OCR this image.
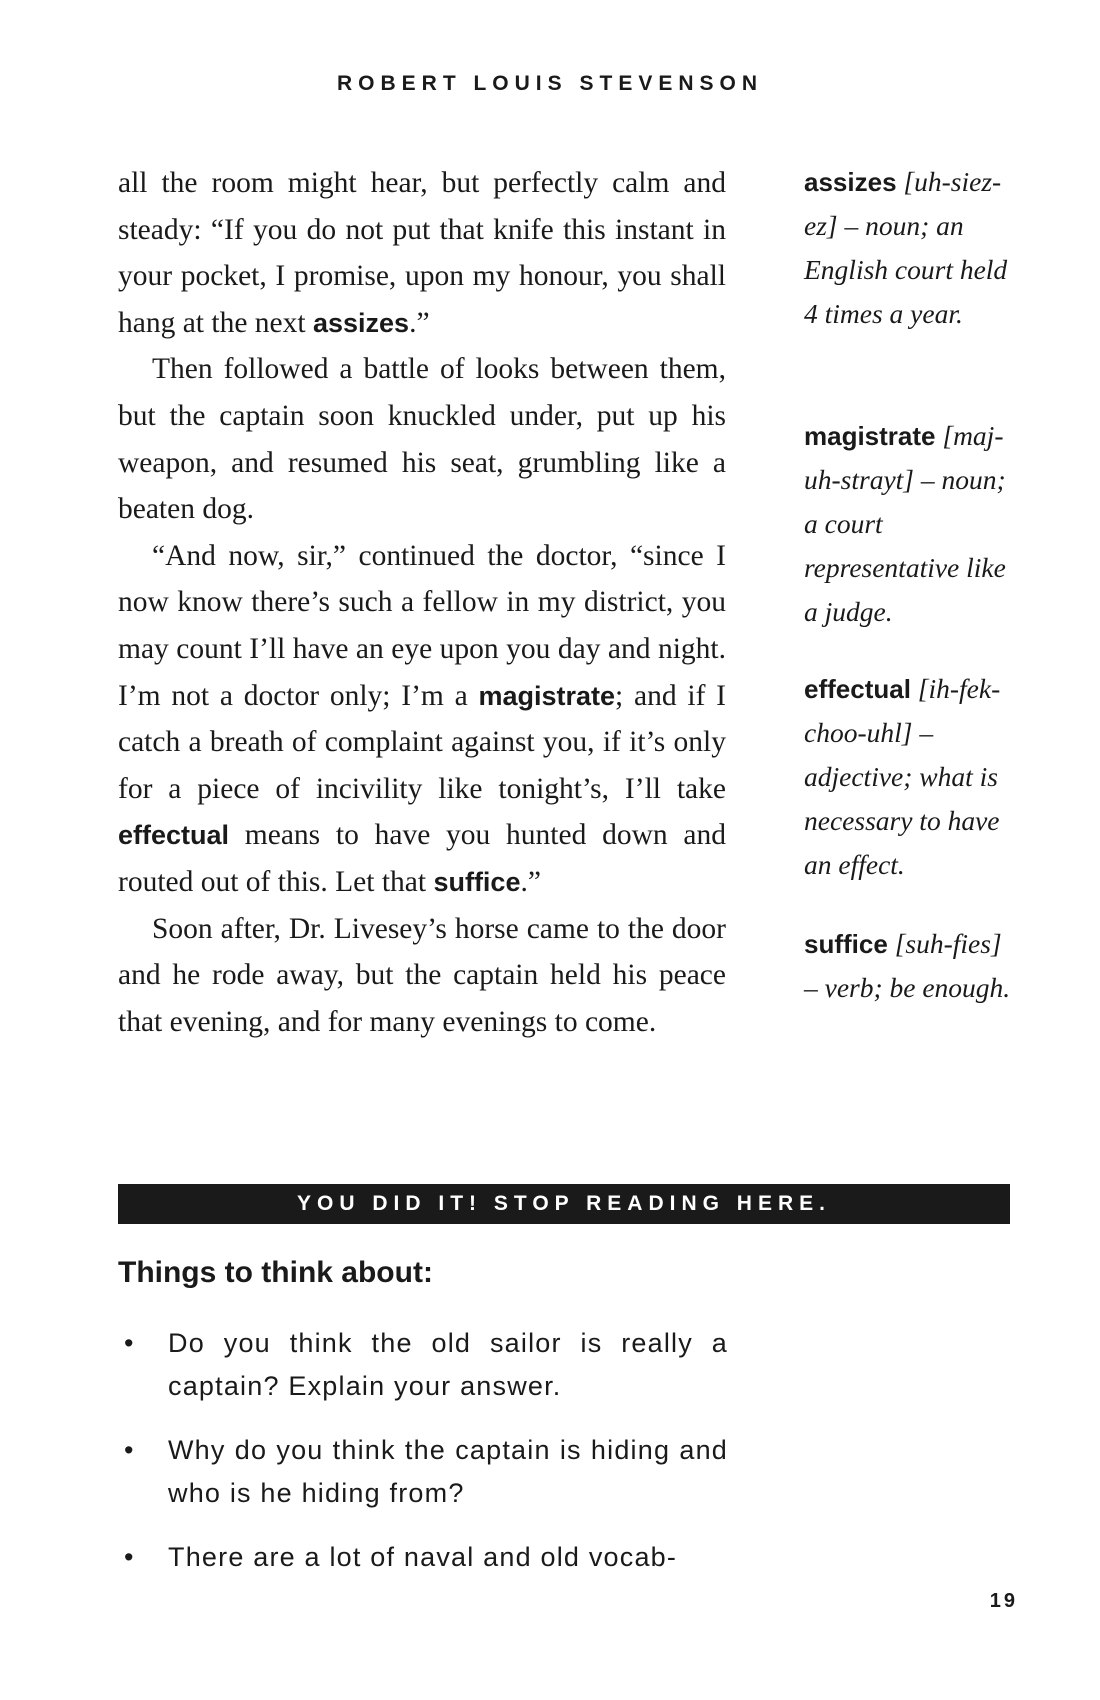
ROBERT LOUIS STEVENSON

all the room might hear, but perfectly calm and steady: “If you do not put that knife this instant in your pocket, I promise, upon my honour, you shall hang at the next assizes.”

Then followed a battle of looks between them, but the captain soon knuckled under, put up his weapon, and resumed his seat, grumbling like a beaten dog.

“And now, sir,” continued the doctor, “since I now know there’s such a fellow in my district, you may count I’ll have an eye upon you day and night. I’m not a doctor only; I’m a magistrate; and if I catch a breath of complaint against you, if it’s only for a piece of incivility like tonight’s, I’ll take effectual means to have you hunted down and routed out of this. Let that suffice.”

Soon after, Dr. Livesey’s horse came to the door and he rode away, but the captain held his peace that evening, and for many evenings to come.

assizes [uh-siez-ez] – noun; an English court held 4 times a year.
magistrate [maj-uh-strayt] – noun; a court representative like a judge.
effectual [ih-fek-choo-uhl] – adjective; what is necessary to have an effect.
suffice [suh-fies] – verb; be enough.
YOU DID IT! STOP READING HERE.
Things to think about:
• Do you think the old sailor is really a captain? Explain your answer.
• Why do you think the captain is hiding and who is he hiding from?
• There are a lot of naval and old vocab-
19
